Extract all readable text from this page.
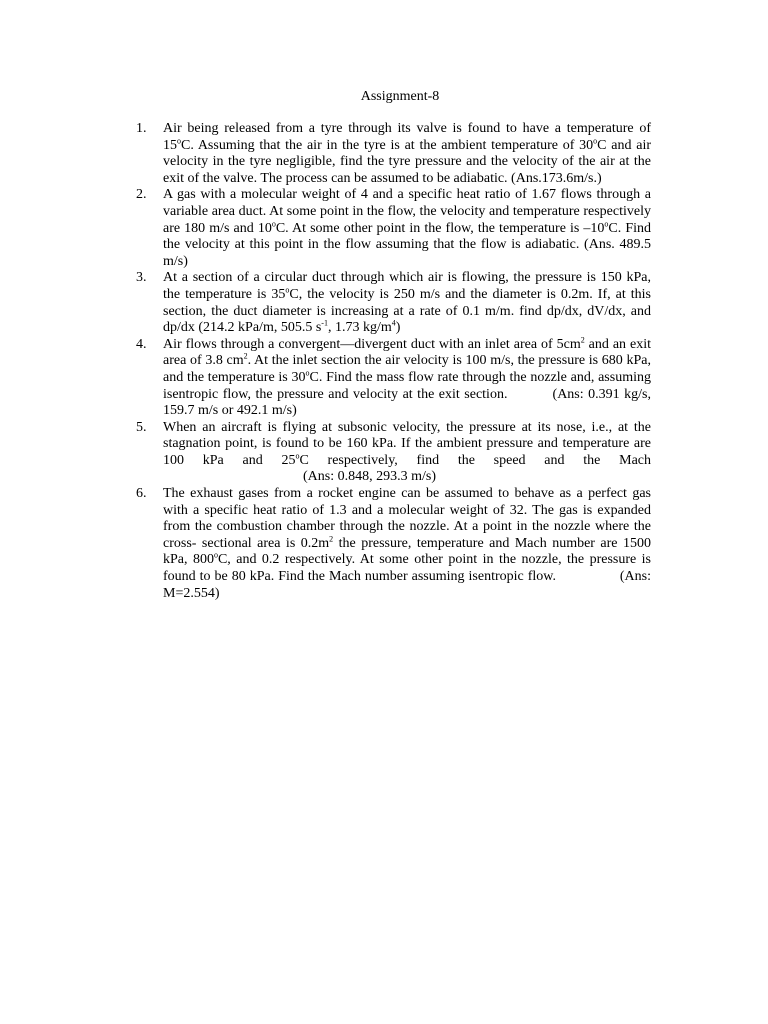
Assignment-8
1.	Air being released from a tyre through its valve is found to have a temperature of 15$^o$C. Assuming that the air in the tyre is at the ambient temperature of 30$^o$C and air velocity in the tyre negligible, find the tyre pressure and the velocity of the air at the exit of the valve. The process can be assumed to be adiabatic. (Ans.173.6m/s.)
2.	A gas with a molecular weight of 4 and a specific heat ratio of 1.67 flows through a variable area duct. At some point in the flow, the velocity and temperature respectively are 180 m/s and 10$^o$C. At some other point in the flow, the temperature is –10$^o$C. Find the velocity at this point in the flow assuming that the flow is adiabatic. (Ans. 489.5 m/s)
3.	At a section of a circular duct through which air is flowing, the pressure is 150 kPa, the temperature is 35$^o$C, the velocity is 250 m/s and the diameter is 0.2m. If, at this section, the duct diameter is increasing at a rate of 0.1 m/m. find dp/dx, dV/dx, and dp/dx (214.2 kPa/m, 505.5 $s^{-1}$, 1.73 $kg/m^4$)
4.	Air flows through a convergent—divergent duct with an inlet area of $5cm^2$ and an exit area of 3.8 $cm^2$. At the inlet section the air velocity is 100 m/s, the pressure is 680 kPa, and the temperature is 30$^o$C. Find the mass flow rate through the nozzle and, assuming isentropic flow, the pressure and velocity at the exit section.	(Ans: 0.391 kg/s, 159.7 m/s or 492.1 m/s)
5.	When an aircraft is flying at subsonic velocity, the pressure at its nose, i.e., at the stagnation point, is found to be 160 kPa. If the ambient pressure and temperature are 100 kPa and 25$^o$C respectively, find the speed and the Mach                                        (Ans: 0.848, 293.3 m/s)
6.	The exhaust gases from a rocket engine can be assumed to behave as a perfect gas with a specific heat ratio of 1.3 and a molecular weight of 32. The gas is expanded from the combustion chamber through the nozzle. At a point in the nozzle where the cross- sectional area is $0.2m^2$ the pressure, temperature and Mach number are 1500 kPa, 800$^o$C, and 0.2 respectively. At some other point in the nozzle, the pressure is found to be 80 kPa. Find the Mach number assuming isentropic flow.	(Ans: M=2.554)
